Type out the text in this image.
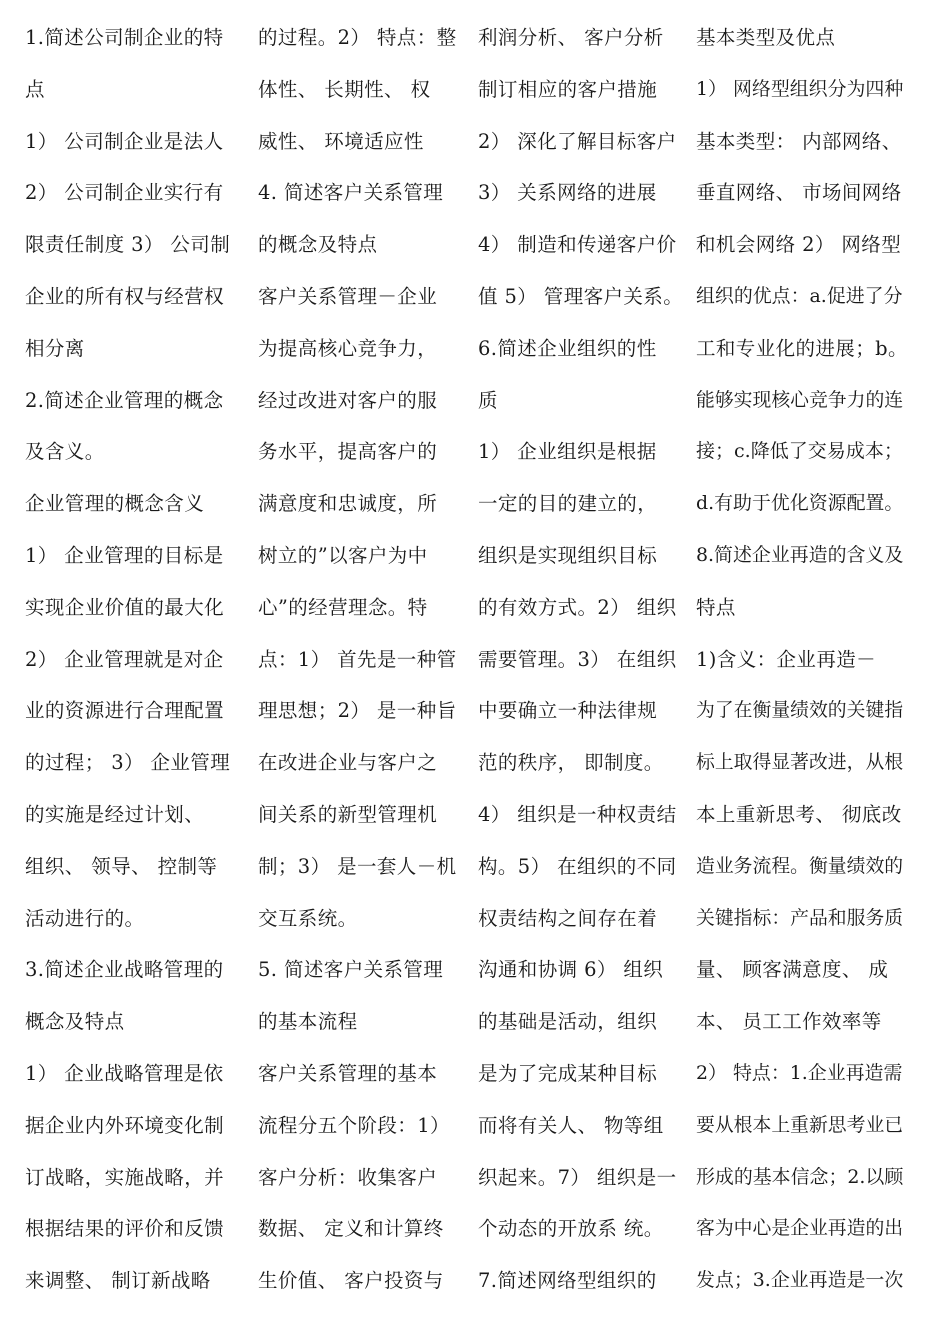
1.简述公司制企业的特
点
1） 公司制企业是法人
2） 公司制企业实行有
限责任制度 3） 公司制
企业的所有权与经营权
相分离
2.简述企业管理的概念
及含义。
企业管理的概念含义
1） 企业管理的目标是
实现企业价值的最大化
2） 企业管理就是对企
业的资源进行合理配置
的过程； 3） 企业管理
的实施是经过计划、
组织、 领导、 控制等
活动进行的。
3.简述企业战略管理的
概念及特点
1） 企业战略管理是依
据企业内外环境变化制
订战略，实施战略，并
根据结果的评价和反馈
来调整、 制订新战略
的过程。2） 特点：整
体性、 长期性、 权
威性、 环境适应性
4. 简述客户关系管理
的概念及特点
客户关系管理－企业
为提高核心竞争力，
经过改进对客户的服
务水平，提高客户的
满意度和忠诚度，所
树立的”以客户为中
心”的经营理念。特
点：1） 首先是一种管
理思想；2） 是一种旨
在改进企业与客户之
间关系的新型管理机
制；3） 是一套人－机
交互系统。
5. 简述客户关系管理
的基本流程
客户关系管理的基本
流程分五个阶段：1）
客户分析：收集客户
数据、 定义和计算终
生价值、 客户投资与
利润分析、 客户分析
制订相应的客户措施
2） 深化了解目标客户
3） 关系网络的进展
4） 制造和传递客户价
值 5） 管理客户关系。
6.简述企业组织的性
质
1） 企业组织是根据
一定的目的建立的，
组织是实现组织目标
的有效方式。2） 组织
需要管理。3） 在组织
中要确立一种法律规
范的秩序， 即制度。
4） 组织是一种权责结
构。5） 在组织的不同
权责结构之间存在着
沟通和协调 6） 组织
的基础是活动，组织
是为了完成某种目标
而将有关人、 物等组
织起来。7） 组织是一
个动态的开放系 统。
7.简述网络型组织的
基本类型及优点
1） 网络型组织分为四种
基本类型： 内部网络、
垂直网络、 市场间网络
和机会网络 2） 网络型
组织的优点：a.促进了分
工和专业化的进展；b。
能够实现核心竞争力的连
接；c.降低了交易成本；
d.有助于优化资源配置。
8.简述企业再造的含义及
特点
1)含义：企业再造－
为了在衡量绩效的关键指
标上取得显著改进，从根
本上重新思考、 彻底改
造业务流程。衡量绩效的
关键指标：产品和服务质
量、 顾客满意度、 成
本、 员工工作效率等
2） 特点：1.企业再造需
要从根本上重新思考业已
形成的基本信念；2.以顾
客为中心是企业再造的出
发点；3.企业再造是一次
